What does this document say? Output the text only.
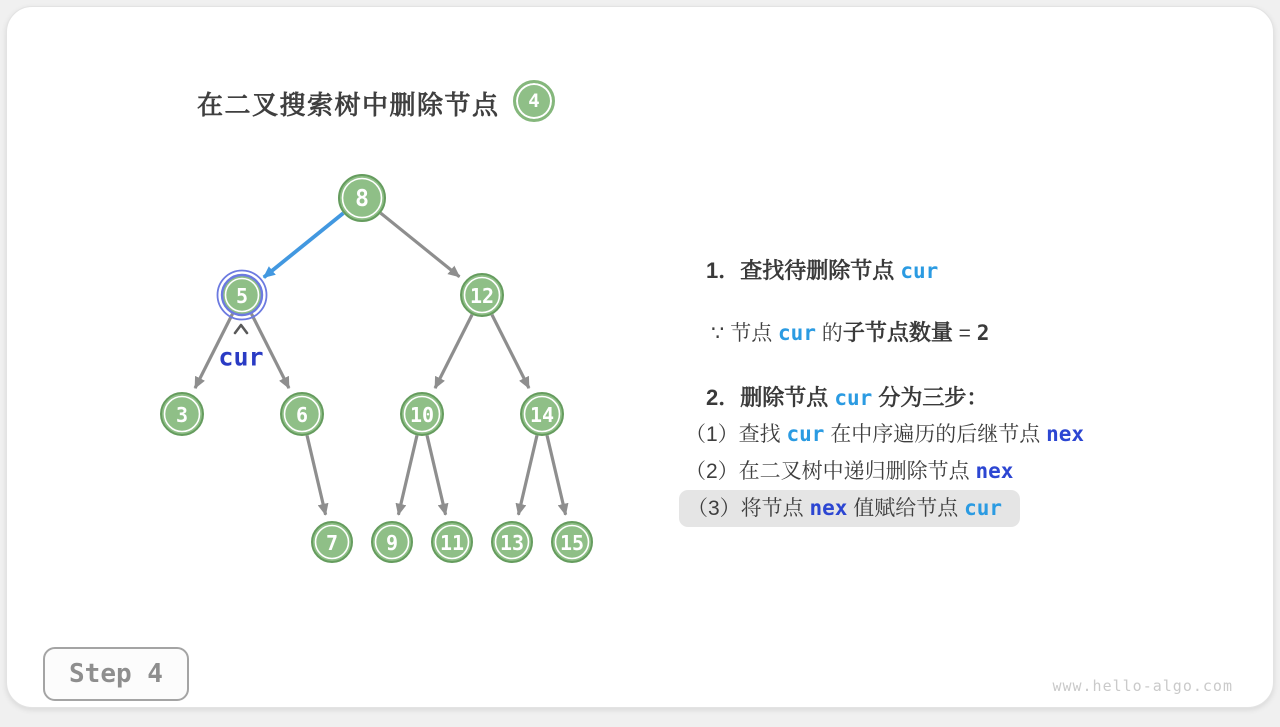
在二叉搜索树中删除节点 4
8
5	12
3	6	10	14
7 9 11 13 15
cur
1．查找待删除节点 cur
∵ 节点 cur 的子节点数量 = 2
2．删除节点 cur 分为三步：
（1）查找 cur 在中序遍历的后继节点 nex
（2）在二叉树中递归删除节点 nex
（3）将节点 nex 值赋给节点 cur
Step 4	www.hello-algo.com
